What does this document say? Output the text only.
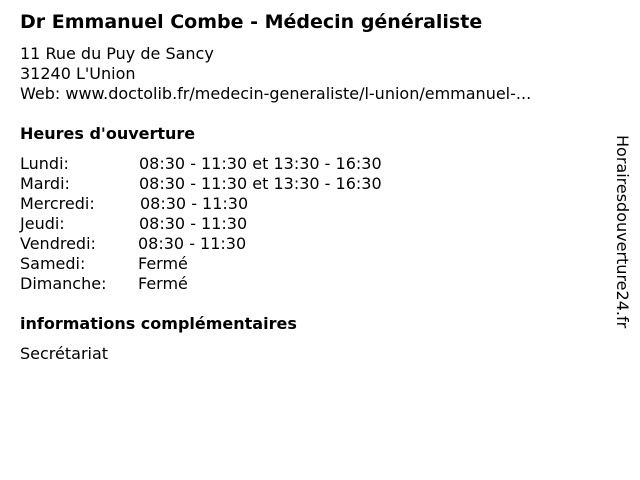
Dr Emmanuel Combe - Médecin généraliste
11 Rue du Puy de Sancy
31240 L'Union
Web: www.doctolib.fr/medecin-generaliste/l-union/emmanuel-...
Heures d'ouverture
Lundi:	08:30 - 11:30 et 13:30 - 16:30
Mardi:	08:30 - 11:30 et 13:30 - 16:30
Mercredi:	08:30 - 11:30
Jeudi:	08:30 - 11:30
Vendredi:	08:30 - 11:30
Samedi:	Fermé
Dimanche: Fermé
informations complémentaires
Secrétariat
Horairesdouverture24.fr
